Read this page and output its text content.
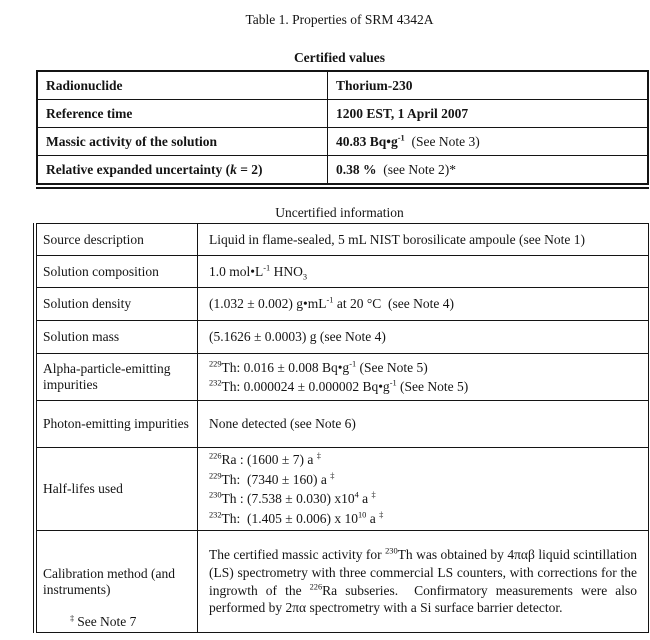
Table 1. Properties of SRM 4342A
Certified values
Radionuclide	Thorium-230
Reference time	1200 EST, 1 April 2007
Massic activity of the solution	40.83 $Bq•g^{-1}$  (See Note 3)
Relative expanded uncertainty (k = 2)	0.38 %  (see Note 2)*
Uncertified information
Source description	Liquid in flame-sealed, 5 mL NIST borosilicate ampoule (see Note 1)

Solution composition	1.0 $mol•L^{-1}$ $HNO_3$

Solution density	(1.032 ± 0.002) $g•mL^{-1}$ at 20 °C  (see Note 4)

Solution mass	(5.1626 ± 0.0003) g (see Note 4)

Alpha-particle-emitting impurities	$^{229}$Th: 0.016 ± 0.008 $Bq•g^{-1}$ (See Note 5)
$^{232}$Th: 0.000024 ± 0.000002 $Bq•g^{-1}$ (See Note 5)

Photon-emitting impurities	None detected (see Note 6)

Half-lifes used	$^{226}$Ra : (1600 ± 7) a ‡
$^{229}$Th:  (7340 ± 160) a ‡
$^{230}$Th : (7.538 ± 0.030) $x10^4$ a ‡
$^{232}$Th:  (1.405 ± 0.006) x $10^{10}$ a ‡

Calibration method (and instruments)	The certified massic activity for $^{230}$Th was obtained by 4παβ liquid scintillation (LS) spectrometry with three commercial LS counters, with corrections for the ingrowth of the $^{226}$Ra subseries.  Confirmatory measurements were also performed by 2πα spectrometry with a Si surface barrier detector.
‡ See Note 7
